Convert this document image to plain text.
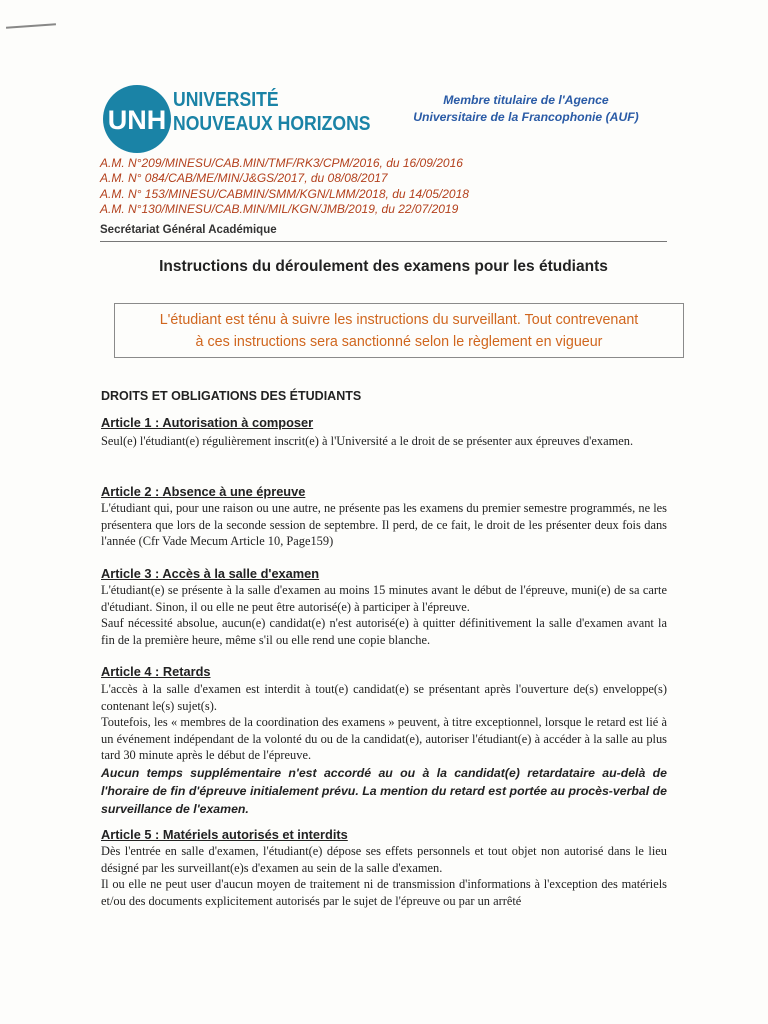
UNH
UNIVERSITÉ
NOUVEAUX HORIZONS
Membre titulaire de l'Agence
Universitaire de la Francophonie (AUF)
A.M. N°209/MINESU/CAB.MIN/TMF/RK3/CPM/2016, du 16/09/2016
A.M. N° 084/CAB/ME/MIN/J&GS/2017, du 08/08/2017
A.M. N° 153/MINESU/CABMIN/SMM/KGN/LMM/2018, du 14/05/2018
A.M. N°130/MINESU/CAB.MIN/MIL/KGN/JMB/2019, du 22/07/2019
Secrétariat Général Académique
Instructions du déroulement des examens pour les étudiants
L'étudiant est ténu à suivre les instructions du surveillant. Tout contrevenant
à ces instructions sera sanctionné selon le règlement en vigueur
DROITS ET OBLIGATIONS DES ÉTUDIANTS
Article 1 : Autorisation à composer

Seul(e) l'étudiant(e) régulièrement inscrit(e) à l'Université a le droit de se présenter aux épreuves d'examen.

Article 2 : Absence à une épreuve

L'étudiant qui, pour une raison ou une autre, ne présente pas les examens du premier semestre programmés, ne les présentera que lors de la seconde session de septembre. Il perd, de ce fait, le droit de les présenter deux fois dans l'année (Cfr Vade Mecum Article 10, Page159)

Article 3 : Accès à la salle d'examen

L'étudiant(e) se présente à la salle d'examen au moins 15 minutes avant le début de l'épreuve, muni(e) de sa carte d'étudiant. Sinon, il ou elle ne peut être autorisé(e) à participer à l'épreuve.

Sauf nécessité absolue, aucun(e) candidat(e) n'est autorisé(e) à quitter définitivement la salle d'examen avant la fin de la première heure, même s'il ou elle rend une copie blanche.

Article 4 : Retards

L'accès à la salle d'examen est interdit à tout(e) candidat(e) se présentant après l'ouverture de(s) enveloppe(s) contenant le(s) sujet(s).

Toutefois, les « membres de la coordination des examens » peuvent, à titre exceptionnel, lorsque le retard est lié à un événement indépendant de la volonté du ou de la candidat(e), autoriser l'étudiant(e) à accéder à la salle au plus tard 30 minute après le début de l'épreuve.

Aucun temps supplémentaire n'est accordé au ou à la candidat(e) retardataire au-delà de l'horaire de fin d'épreuve initialement prévu. La mention du retard est portée au procès-verbal de surveillance de l'examen.

Article 5 : Matériels autorisés et interdits

Dès l'entrée en salle d'examen, l'étudiant(e) dépose ses effets personnels et tout objet non autorisé dans le lieu désigné par les surveillant(e)s d'examen au sein de la salle d'examen.

Il ou elle ne peut user d'aucun moyen de traitement ni de transmission d'informations à l'exception des matériels et/ou des documents explicitement autorisés par le sujet de l'épreuve ou par un arrêté
